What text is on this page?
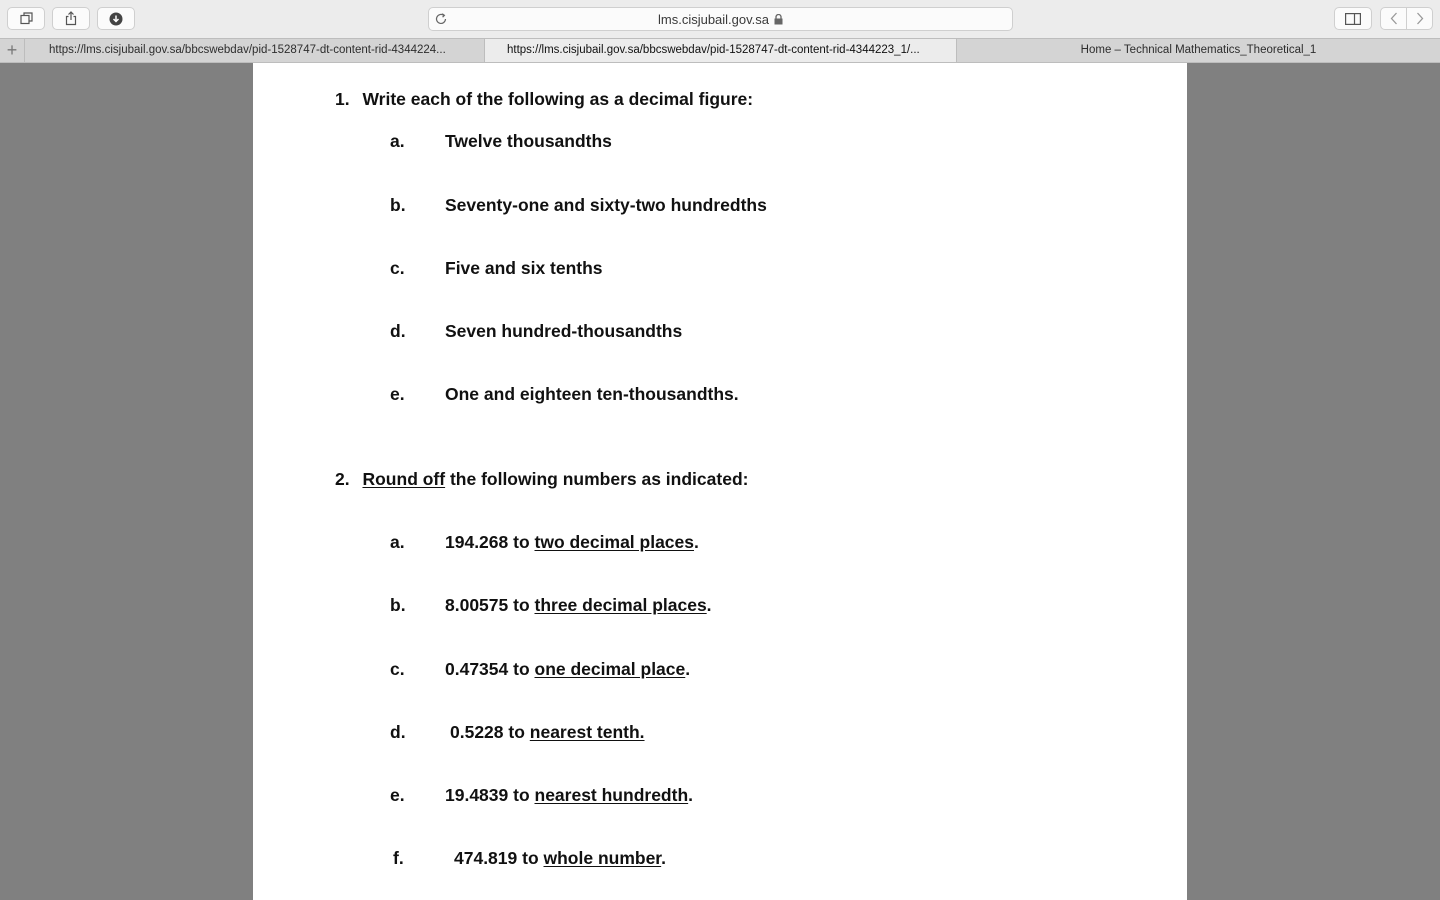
lms.cisjubail.gov.sa
+	https://lms.cisjubail.gov.sa/bbcswebdav/pid-1528747-dt-content-rid-4344224...	https://lms.cisjubail.gov.sa/bbcswebdav/pid-1528747-dt-content-rid-4344223_1/...	Home – Technical Mathematics_Theoretical_1
1. Write each of the following as a decimal figure:
a. Twelve thousandths
b. Seventy-one and sixty-two hundredths
c. Five and six tenths
d. Seven hundred-thousandths
e. One and eighteen ten-thousandths.
2. Round off the following numbers as indicated:
a. 194.268 to two decimal places.
b. 8.00575 to three decimal places.
c. 0.47354 to one decimal place.
d.	0.5228 to nearest tenth.
e. 19.4839 to nearest hundredth.
f.	474.819 to whole number.
